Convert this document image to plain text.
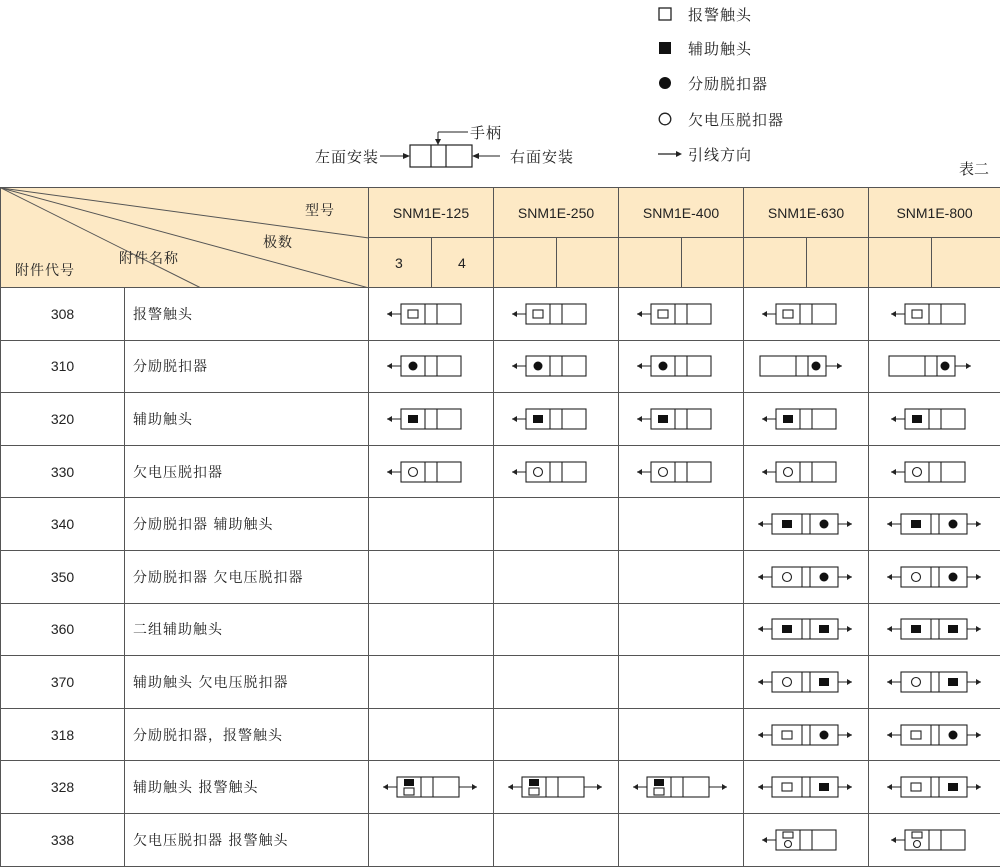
报警触头
辅助触头
分励脱扣器
欠电压脱扣器
引线方向
左面安装	右面安装
手柄
表二
型号
极数
附件名称
附件代号		SNM1E-125		SNM1E-250		SNM1E-400		SNM1E-630		SNM1E-800	
		3	4								
308	报警触头	

310	分励脱扣器	

320	辅助触头	

330	欠电压脱扣器	

340	分励脱扣器 辅助触头				

350	分励脱扣器 欠电压脱扣器				

360	二组辅助触头				

370	辅助触头 欠电压脱扣器				

318	分励脱扣器，报警触头				

328	辅助触头 报警触头	

338	欠电压脱扣器 报警触头				
